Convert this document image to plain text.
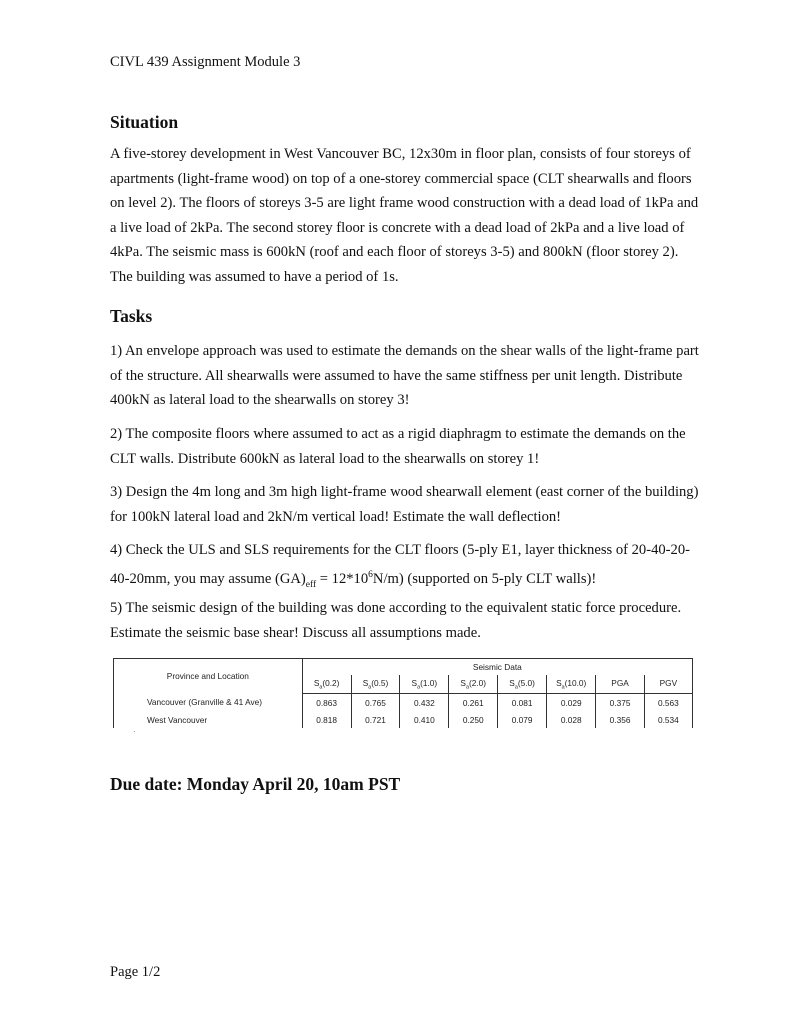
CIVL 439 Assignment Module 3
Situation

A five-storey development in West Vancouver BC, 12x30m in floor plan, consists of four storeys of apartments (light-frame wood) on top of a one-storey commercial space (CLT shearwalls and floors on level 2). The floors of storeys 3-5 are light frame wood construction with a dead load of 1kPa and a live load of 2kPa. The second storey floor is concrete with a dead load of 2kPa and a live load of 4kPa. The seismic mass is 600kN (roof and each floor of storeys 3-5) and 800kN (floor storey 2). The building was assumed to have a period of 1s.

Tasks

1) An envelope approach was used to estimate the demands on the shear walls of the light-frame part of the structure. All shearwalls were assumed to have the same stiffness per unit length. Distribute 400kN as lateral load to the shearwalls on storey 3!

2) The composite floors where assumed to act as a rigid diaphragm to estimate the demands on the CLT walls. Distribute 600kN as lateral load to the shearwalls on storey 1!

3) Design the 4m long and 3m high light-frame wood shearwall element (east corner of the building) for 100kN lateral load and 2kN/m vertical load! Estimate the wall deflection!

4) Check the ULS and SLS requirements for the CLT floors (5-ply E1, layer thickness of 20-40-20-40-20mm, you may assume $(GA)_{eff} = 12*10^6N/m$) (supported on 5-ply CLT walls)!

5) The seismic design of the building was done according to the equivalent static force procedure. Estimate the seismic base shear! Discuss all assumptions made.

Province and Location	Seismic Data							
	$S_a(0.2)$	$S_a(0.5)$	$S_a(1.0)$	$S_a(2.0)$	$S_a(5.0)$	$S_a(10.0)$	PGA	PGV
Vancouver (Granville & 41 Ave)	0.863	0.765	0.432	0.261	0.081	0.029	0.375	0.563
West Vancouver	0.818	0.721	0.410	0.250	0.079	0.028	0.356	0.534
·
Due date: Monday April 20, 10am PST
Page 1/2
